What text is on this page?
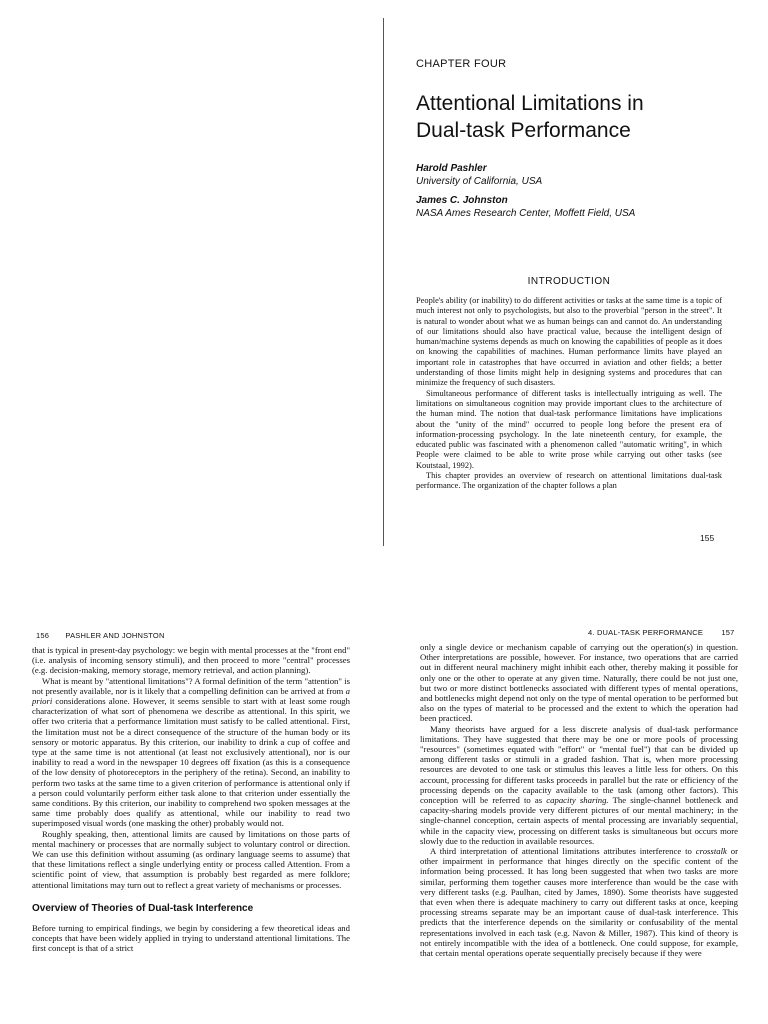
CHAPTER FOUR
Attentional Limitations in
Dual-task Performance
Harold Pashler
University of California, USA
James C. Johnston
NASA Ames Research Center, Moffett Field, USA
INTRODUCTION

People's ability (or inability) to do different activities or tasks at the same time is a topic of much interest not only to psychologists, but also to the proverbial "person in the street". It is natural to wonder about what we as human beings can and cannot do. An understanding of our limitations should also have practical value, because the intelligent design of human/machine systems depends as much on knowing the capabilities of people as it does on knowing the capabilities of machines. Human performance limits have played an important role in catastrophes that have occurred in aviation and other fields; a better understanding of those limits might help in designing systems and procedures that can minimize the frequency of such disasters.

Simultaneous performance of different tasks is intellectually intriguing as well. The limitations on simultaneous cognition may provide important clues to the architecture of the human mind. The notion that dual-task performance limitations have implications about the "unity of the mind" occurred to people long before the present era of information-processing psychology. In the late nineteenth century, for example, the educated public was fascinated with a phenomenon called "automatic writing", in which People were claimed to be able to write prose while carrying out other tasks (see Koutstaal, 1992).

This chapter provides an overview of research on attentional limitations dual-task performance. The organization of the chapter follows a plan

155
156 PASHLER AND JOHNSTON	4. DUAL-TASK PERFORMANCE 157

that is typical in present-day psychology: we begin with mental processes at the "front end" (i.e. analysis of incoming sensory stimuli), and then proceed to more "central" processes (e.g. decision-making, memory storage, memory retrieval, and action planning).

What is meant by "attentional limitations"? A formal definition of the term "attention" is not presently available, nor is it likely that a compelling definition can be arrived at from a priori considerations alone. However, it seems sensible to start with at least some rough characterization of what sort of phenomena we describe as attentional. In this spirit, we offer two criteria that a performance limitation must satisfy to be called attentional. First, the limitation must not be a direct consequence of the structure of the human body or its sensory or motoric apparatus. By this criterion, our inability to drink a cup of coffee and type at the same time is not attentional (at least not exclusively attentional), nor is our inability to read a word in the newspaper 10 degrees off fixation (as this is a consequence of the low density of photoreceptors in the periphery of the retina). Second, an inability to perform two tasks at the same time to a given criterion of performance is attentional only if a person could voluntarily perform either task alone to that criterion under essentially the same conditions. By this criterion, our inability to comprehend two spoken messages at the same time probably does qualify as attentional, while our inability to read two superimposed visual words (one masking the other) probably would not.

Roughly speaking, then, attentional limits are caused by limitations on those parts of mental machinery or processes that are normally subject to voluntary control or direction. We can use this definition without assuming (as ordinary language seems to assume) that that these limitations reflect a single underlying entity or process called Attention. From a scientific point of view, that assumption is probably best regarded as mere folklore; attentional limitations may turn out to reflect a great variety of mechanisms or processes.

Overview of Theories of Dual-task Interference

Before turning to empirical findings, we begin by considering a few theoretical ideas and concepts that have been widely applied in trying to understand attentional limitations. The first concept is that of a strict

only a single device or mechanism capable of carrying out the operation(s) in question. Other interpretations are possible, however. For instance, two operations that are carried out in different neural machinery might inhibit each other, thereby making it possible for only one or the other to operate at any given time. Naturally, there could be not just one, but two or more distinct bottlenecks associated with different types of mental operations, and bottlenecks might depend not only on the type of mental operation to be performed but also on the types of material to be processed and the extent to which the operation had been practiced.

Many theorists have argued for a less discrete analysis of dual-task performance limitations. They have suggested that there may be one or more pools of processing "resources" (sometimes equated with "effort" or "mental fuel") that can be divided up among different tasks or stimuli in a graded fashion. That is, when more processing resources are devoted to one task or stimulus this leaves a little less for others. On this account, processing for different tasks proceeds in parallel but the rate or efficiency of the processing depends on the capacity available to the task (among other factors). This conception will be referred to as capacity sharing. The single-channel bottleneck and capacity-sharing models provide very different pictures of our mental machinery; in the single-channel conception, certain aspects of mental processing are invariably sequential, while in the capacity view, processing on different tasks is simultaneous but occurs more slowly due to the reduction in available resources.

A third interpretation of attentional limitations attributes interference to crosstalk or other impairment in performance that hinges directly on the specific content of the information being processed. It has long been suggested that when two tasks are more similar, performing them together causes more interference than would be the case with very different tasks (e.g. Paulhan, cited by James, 1890). Some theorists have suggested that even when there is adequate machinery to carry out different tasks at once, keeping processing streams separate may be an important cause of dual-task interference. This predicts that the interference depends on the similarity or confusability of the mental representations involved in each task (e.g. Navon & Miller, 1987). This kind of theory is not entirely incompatible with the idea of a bottleneck. One could suppose, for example, that certain mental operations operate sequentially precisely because if they were
